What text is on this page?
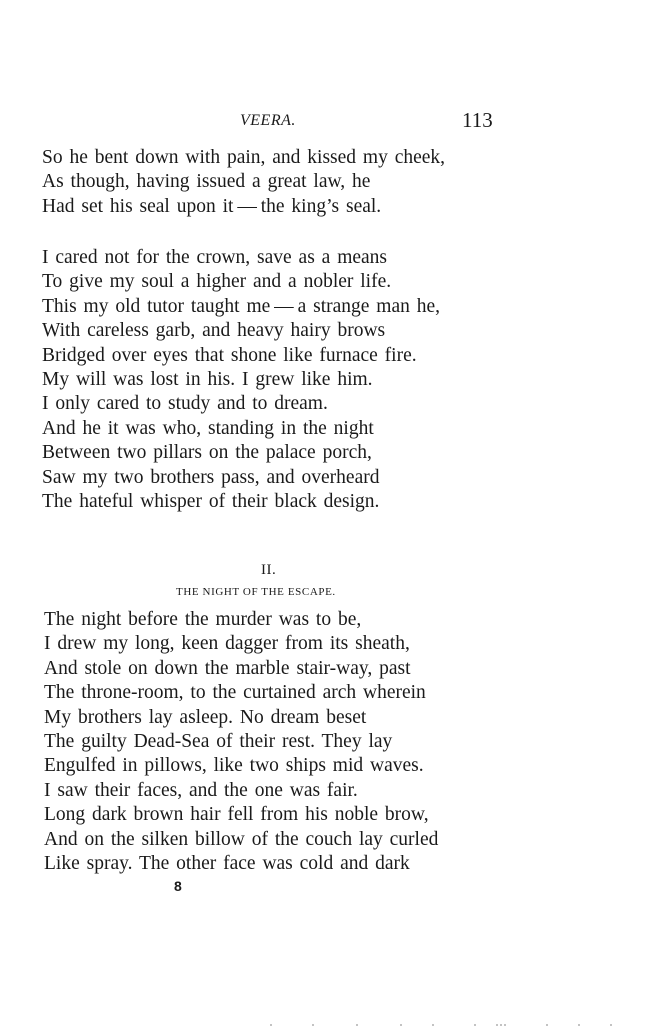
VEERA.	113
So he bent down with pain, and kissed my cheek,
As though, having issued a great law, he
Had set his seal upon it — the king’s seal.
I cared not for the crown, save as a means
To give my soul a higher and a nobler life.
This my old tutor taught me — a strange man he,
With careless garb, and heavy hairy brows
Bridged over eyes that shone like furnace fire.
My will was lost in his. I grew like him.
I only cared to study and to dream.
And he it was who, standing in the night
Between two pillars on the palace porch,
Saw my two brothers pass, and overheard
The hateful whisper of their black design.
II.
THE NIGHT OF THE ESCAPE.
The night before the murder was to be,
I drew my long, keen dagger from its sheath,
And stole on down the marble stair-way, past
The throne-room, to the curtained arch wherein
My brothers lay asleep. No dream beset
The guilty Dead-Sea of their rest. They lay
Engulfed in pillows, like two ships mid waves.
I saw their faces, and the one was fair.
Long dark brown hair fell from his noble brow,
And on the silken billow of the couch lay curled
Like spray. The other face was cold and dark
8
